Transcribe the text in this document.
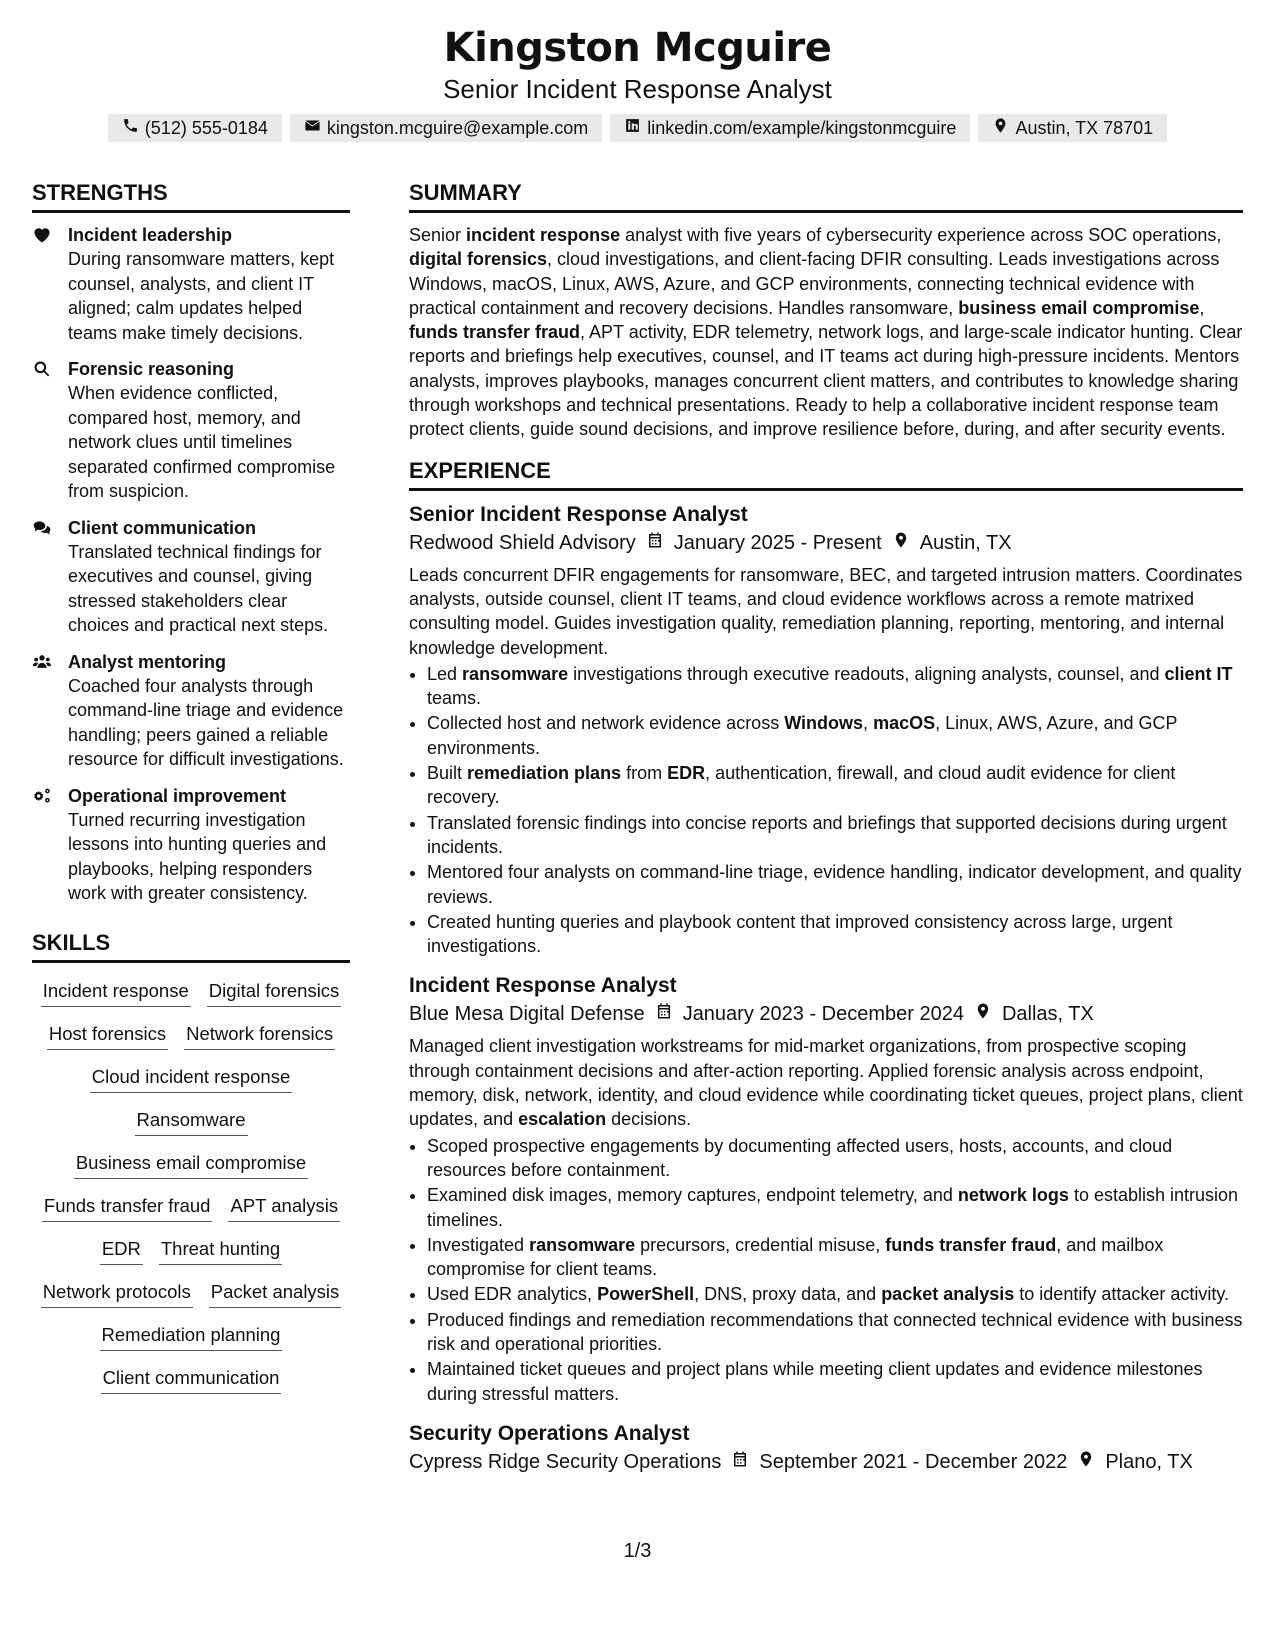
Kingston Mcguire
Senior Incident Response Analyst
(512) 555-0184	kingston.mcguire@example.com	linkedin.com/example/kingstonmcguire	Austin, TX 78701
STRENGTHS
Incident leadership
During ransomware matters, kept counsel, analysts, and client IT aligned; calm updates helped teams make timely decisions.
Forensic reasoning
When evidence conflicted, compared host, memory, and network clues until timelines separated confirmed compromise from suspicion.
Client communication
Translated technical findings for executives and counsel, giving stressed stakeholders clear choices and practical next steps.
Analyst mentoring
Coached four analysts through command-line triage and evidence handling; peers gained a reliable resource for difficult investigations.
Operational improvement
Turned recurring investigation lessons into hunting queries and playbooks, helping responders work with greater consistency.
SKILLS
Incident response Digital forensics
Host forensics Network forensics
Cloud incident response
Ransomware
Business email compromise
Funds transfer fraud APT analysis
EDR Threat hunting
Network protocols Packet analysis
Remediation planning
Client communication
SUMMARY

Senior incident response analyst with five years of cybersecurity experience across SOC operations, digital forensics, cloud investigations, and client-facing DFIR consulting. Leads investigations across Windows, macOS, Linux, AWS, Azure, and GCP environments, connecting technical evidence with practical containment and recovery decisions. Handles ransomware, business email compromise, funds transfer fraud, APT activity, EDR telemetry, network logs, and large-scale indicator hunting. Clear reports and briefings help executives, counsel, and IT teams act during high-pressure incidents. Mentors analysts, improves playbooks, manages concurrent client matters, and contributes to knowledge sharing through workshops and technical presentations. Ready to help a collaborative incident response team protect clients, guide sound decisions, and improve resilience before, during, and after security events.

EXPERIENCE
Senior Incident Response Analyst
Redwood Shield Advisory January 2025 - Present Austin, TX
Leads concurrent DFIR engagements for ransomware, BEC, and targeted intrusion matters. Coordinates analysts, outside counsel, client IT teams, and cloud evidence workflows across a remote matrixed consulting model. Guides investigation quality, remediation planning, reporting, mentoring, and internal knowledge development.
• Led ransomware investigations through executive readouts, aligning analysts, counsel, and client IT teams.
• Collected host and network evidence across Windows, macOS, Linux, AWS, Azure, and GCP environments.
• Built remediation plans from EDR, authentication, firewall, and cloud audit evidence for client recovery.
• Translated forensic findings into concise reports and briefings that supported decisions during urgent incidents.
• Mentored four analysts on command-line triage, evidence handling, indicator development, and quality reviews.
• Created hunting queries and playbook content that improved consistency across large, urgent investigations.
Incident Response Analyst
Blue Mesa Digital Defense January 2023 - December 2024 Dallas, TX
Managed client investigation workstreams for mid-market organizations, from prospective scoping through containment decisions and after-action reporting. Applied forensic analysis across endpoint, memory, disk, network, identity, and cloud evidence while coordinating ticket queues, project plans, client updates, and escalation decisions.
• Scoped prospective engagements by documenting affected users, hosts, accounts, and cloud resources before containment.
• Examined disk images, memory captures, endpoint telemetry, and network logs to establish intrusion timelines.
• Investigated ransomware precursors, credential misuse, funds transfer fraud, and mailbox compromise for client teams.
• Used EDR analytics, PowerShell, DNS, proxy data, and packet analysis to identify attacker activity.
• Produced findings and remediation recommendations that connected technical evidence with business risk and operational priorities.
• Maintained ticket queues and project plans while meeting client updates and evidence milestones during stressful matters.
Security Operations Analyst
Cypress Ridge Security Operations September 2021 - December 2022 Plano, TX
1/3
